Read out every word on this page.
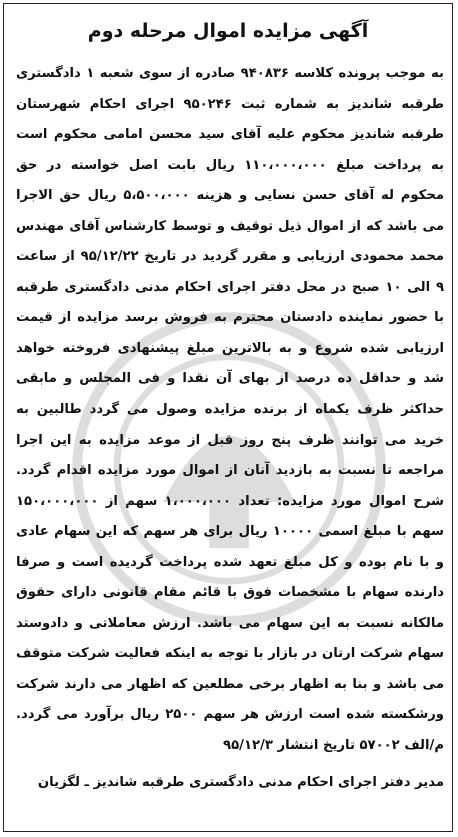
آگهی مزایده اموال مرحله دوم

به موجب پرونده کلاسه ۹۴۰۸۳۶ صادره از سوی شعبه ۱ دادگستری طرقبه شاندیز به شماره ثبت ۹۵۰۲۴۶ اجرای احکام شهرستان طرقبه شاندیز محکوم علیه آقای سید محسن امامی محکوم است به پرداخت مبلغ ۱۱۰،۰۰۰،۰۰۰ ریال بابت اصل خواسته در حق محکوم له آقای حسن نسایی و هزینه ۵،۵۰۰،۰۰۰ ریال حق الاجرا می باشد که از اموال ذیل توقیف و توسط کارشناس آقای مهندس محمد محمودی ارزیابی و مقرر گردید در تاریخ ۹۵/۱۲/۲۲ از ساعت ۹ الی ۱۰ صبح در محل دفتر اجرای احکام مدنی دادگستری طرقبه با حضور نماینده دادستان محترم به فروش برسد مزایده از قیمت ارزیابی شده شروع و به بالاترین مبلغ پیشنهادی فروخته خواهد شد و حداقل ده درصد از بهای آن نقدا و فی المجلس و مابقی حداکثر ظرف یکماه از برنده مزایده وصول می گردد طالبین به خرید می توانند ظرف پنج روز قبل از موعد مزایده به این اجرا مراجعه تا نسبت به بازدید آنان از اموال مورد مزایده اقدام گردد. شرح اموال مورد مزایده: تعداد ۱،۰۰۰،۰۰۰ سهم از ۱۵۰،۰۰۰،۰۰۰ سهم با مبلغ اسمی ۱۰۰۰۰ ریال برای هر سهم که این سهام عادی و با نام بوده و کل مبلغ تعهد شده پرداخت گردیده است و صرفا دارنده سهام با مشخصات فوق با قائم مقام قانونی دارای حقوق مالکانه نسبت به این سهام می باشد. ارزش معاملاتی و دادوستد سهام شرکت ارتان در بازار با توجه به اینکه فعالیت شرکت متوقف می باشد و بنا به اظهار برخی مطلعین که اظهار می دارند شرکت ورشکسته شده است ارزش هر سهم ۲۵۰۰ ریال برآورد می گردد. م/الف ۵۷۰۰۲ تاریخ انتشار ۹۵/۱۲/۳

مدیر دفتر اجرای احکام مدنی دادگستری طرقبه شاندیز ـ لگزیان
